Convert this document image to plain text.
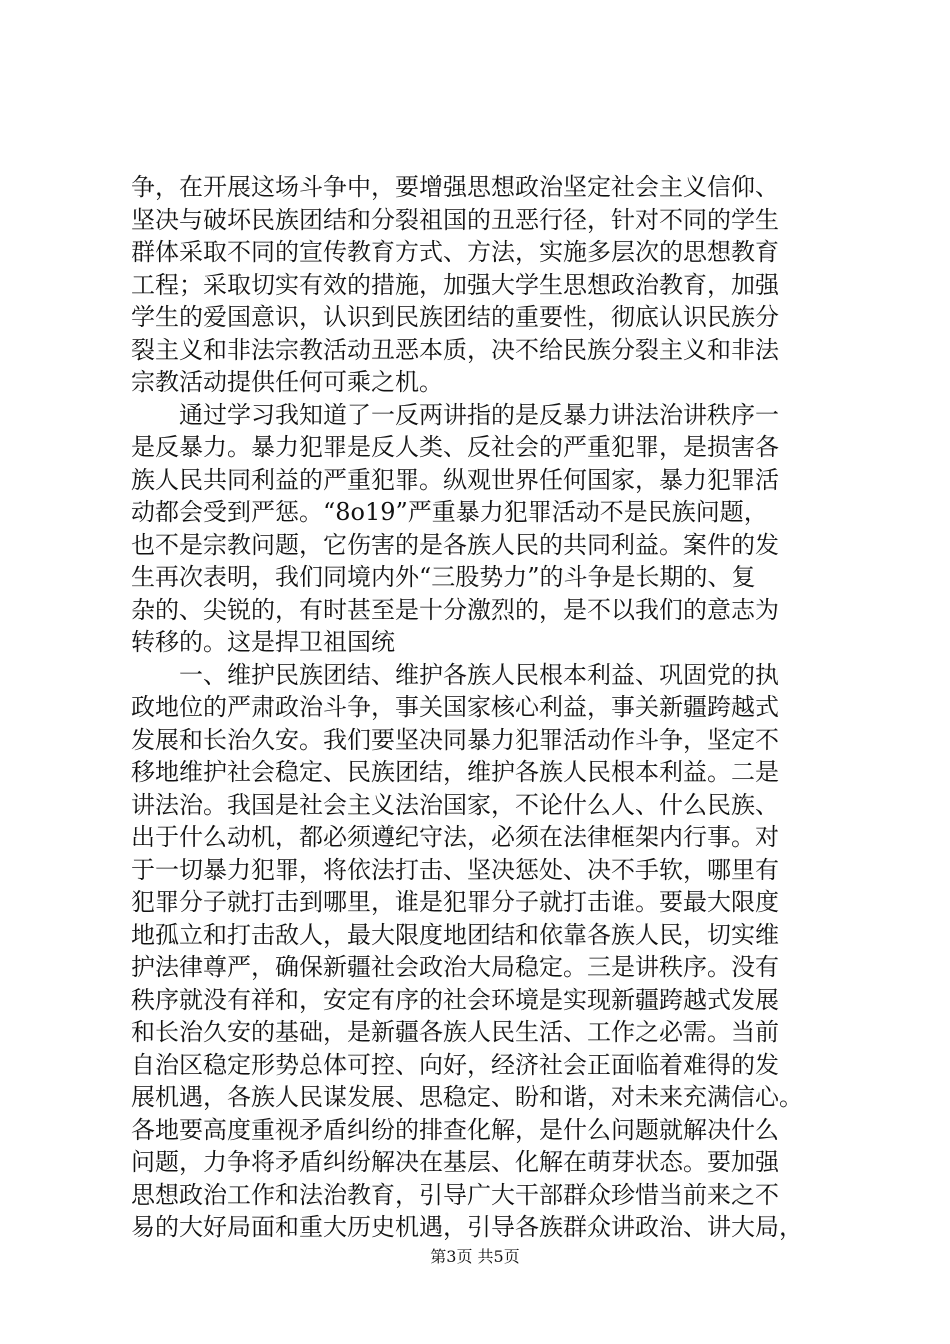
争，在开展这场斗争中，要增强思想政治坚定社会主义信仰、

坚决与破坏民族团结和分裂祖国的丑恶行径，针对不同的学生

群体采取不同的宣传教育方式、方法，实施多层次的思想教育

工程；采取切实有效的措施，加强大学生思想政治教育，加强

学生的爱国意识，认识到民族团结的重要性，彻底认识民族分

裂主义和非法宗教活动丑恶本质，决不给民族分裂主义和非法

宗教活动提供任何可乘之机。

通过学习我知道了一反两讲指的是反暴力讲法治讲秩序一

是反暴力。暴力犯罪是反人类、反社会的严重犯罪，是损害各

族人民共同利益的严重犯罪。纵观世界任何国家，暴力犯罪活

动都会受到严惩。“8o19”严重暴力犯罪活动不是民族问题，

也不是宗教问题，它伤害的是各族人民的共同利益。案件的发

生再次表明，我们同境内外“三股势力”的斗争是长期的、复

杂的、尖锐的，有时甚至是十分激烈的，是不以我们的意志为

转移的。这是捍卫祖国统

一、维护民族团结、维护各族人民根本利益、巩固党的执

政地位的严肃政治斗争，事关国家核心利益，事关新疆跨越式

发展和长治久安。我们要坚决同暴力犯罪活动作斗争，坚定不

移地维护社会稳定、民族团结，维护各族人民根本利益。二是

讲法治。我国是社会主义法治国家，不论什么人、什么民族、

出于什么动机，都必须遵纪守法，必须在法律框架内行事。对

于一切暴力犯罪，将依法打击、坚决惩处、决不手软，哪里有

犯罪分子就打击到哪里，谁是犯罪分子就打击谁。要最大限度

地孤立和打击敌人，最大限度地团结和依靠各族人民，切实维

护法律尊严，确保新疆社会政治大局稳定。三是讲秩序。没有

秩序就没有祥和，安定有序的社会环境是实现新疆跨越式发展

和长治久安的基础，是新疆各族人民生活、工作之必需。当前

自治区稳定形势总体可控、向好，经济社会正面临着难得的发

展机遇，各族人民谋发展、思稳定、盼和谐，对未来充满信心。

各地要高度重视矛盾纠纷的排查化解，是什么问题就解决什么

问题，力争将矛盾纠纷解决在基层、化解在萌芽状态。要加强

思想政治工作和法治教育，引导广大干部群众珍惜当前来之不

易的大好局面和重大历史机遇，引导各族群众讲政治、讲大局，

第3页 共5页
